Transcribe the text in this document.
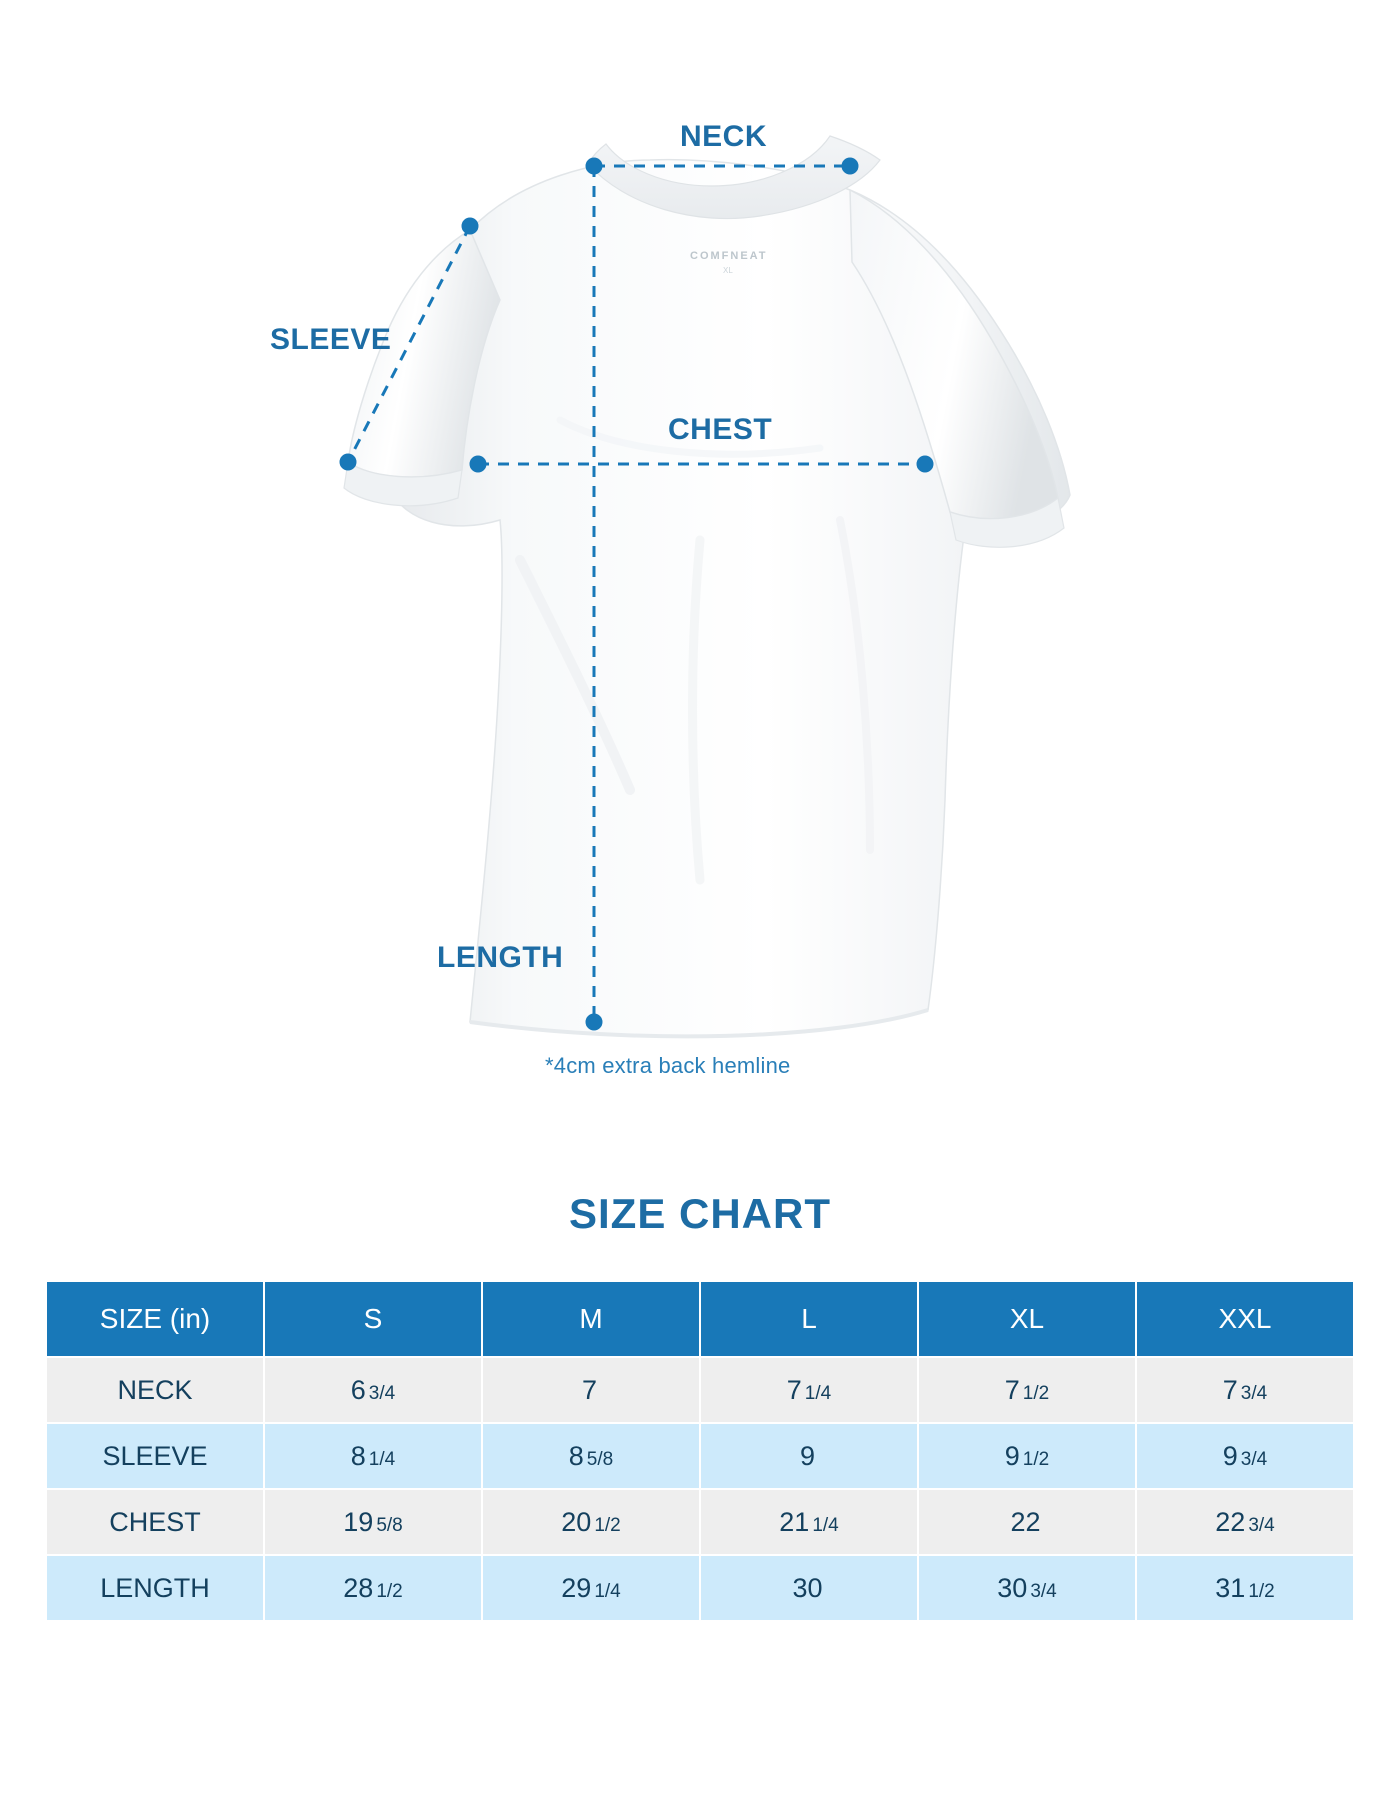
COMFNEAT
XL
NECK
SLEEVE
CHEST
LENGTH
*4cm extra back hemline
SIZE CHART
SIZE (in)	S	M	L	XL	XXL
NECK	6 3/4	7	7 1/4	7 1/2	7 3/4
SLEEVE	8 1/4	8 5/8	9	9 1/2	9 3/4
CHEST	19 5/8	20 1/2	21 1/4	22	22 3/4
LENGTH	28 1/2	29 1/4	30	30 3/4	31 1/2
